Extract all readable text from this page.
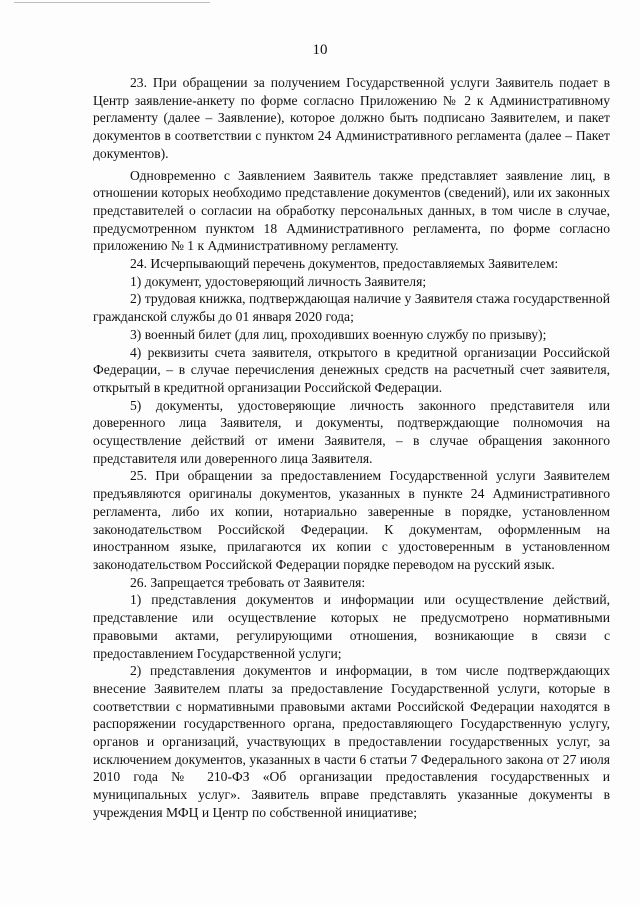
10

23. При обращении за получением Государственной услуги Заявитель подает в Центр заявление-анкету по форме согласно Приложению № 2 к Административному регламенту (далее – Заявление), которое должно быть подписано Заявителем, и пакет документов в соответствии с пунктом 24 Административного регламента (далее – Пакет документов).

Одновременно с Заявлением Заявитель также представляет заявление лиц, в отношении которых необходимо представление документов (сведений), или их законных представителей о согласии на обработку персональных данных, в том числе в случае, предусмотренном пунктом 18 Административного регламента, по форме согласно приложению № 1 к Административному регламенту.

24. Исчерпывающий перечень документов, предоставляемых Заявителем:

1) документ, удостоверяющий личность Заявителя;

2) трудовая книжка, подтверждающая наличие у Заявителя стажа государственной гражданской службы до 01 января 2020 года;

3) военный билет (для лиц, проходивших военную службу по призыву);

4) реквизиты счета заявителя, открытого в кредитной организации Российской Федерации, – в случае перечисления денежных средств на расчетный счет заявителя, открытый в кредитной организации Российской Федерации.

5) документы, удостоверяющие личность законного представителя или доверенного лица Заявителя, и документы, подтверждающие полномочия на осуществление действий от имени Заявителя, – в случае обращения законного представителя или доверенного лица Заявителя.

25. При обращении за предоставлением Государственной услуги Заявителем предъявляются оригиналы документов, указанных в пункте 24 Административного регламента, либо их копии, нотариально заверенные в порядке, установленном законодательством Российской Федерации. К документам, оформленным на иностранном языке, прилагаются их копии с удостоверенным в установленном законодательством Российской Федерации порядке переводом на русский язык.

26. Запрещается требовать от Заявителя:

1) представления документов и информации или осуществление действий, представление или осуществление которых не предусмотрено нормативными правовыми актами, регулирующими отношения, возникающие в связи с предоставлением Государственной услуги;

2) представления документов и информации, в том числе подтверждающих внесение Заявителем платы за предоставление Государственной услуги, которые в соответствии с нормативными правовыми актами Российской Федерации находятся в распоряжении государственного органа, предоставляющего Государственную услугу, органов и организаций, участвующих в предоставлении государственных услуг, за исключением документов, указанных в части 6 статьи 7 Федерального закона от 27 июля 2010 года № 210-ФЗ «Об организации предоставления государственных и муниципальных услуг». Заявитель вправе представлять указанные документы в учреждения МФЦ и Центр по собственной инициативе;
